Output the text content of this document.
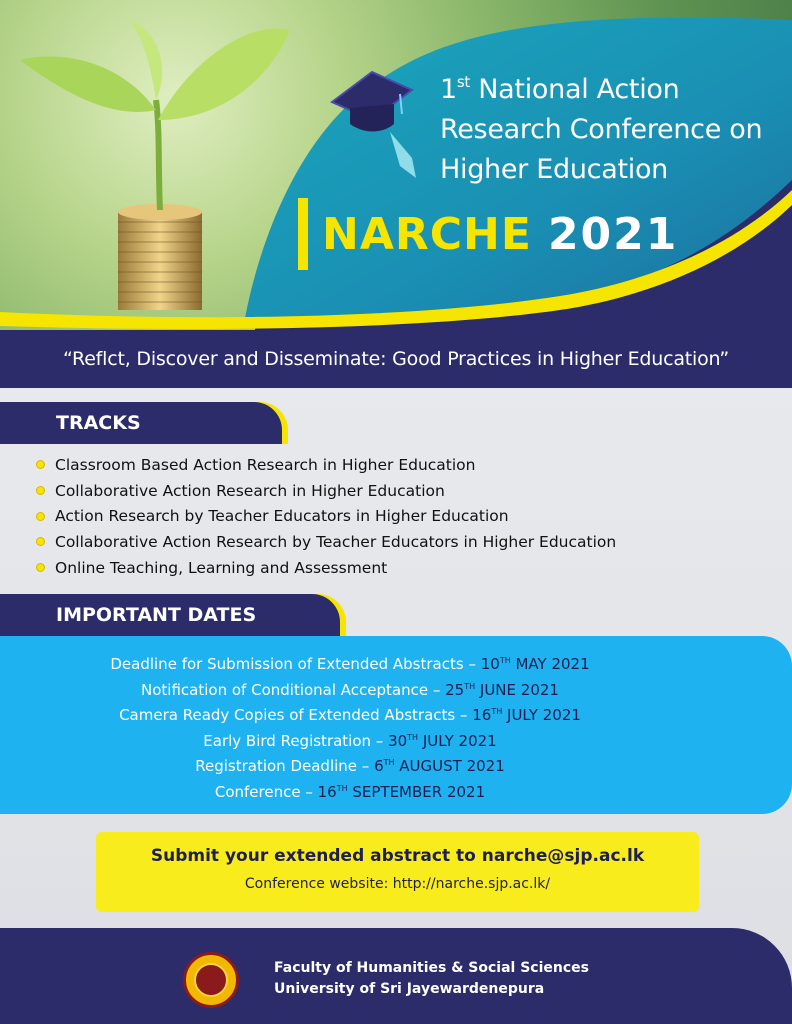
1st National Action
Research Conference on
Higher Education
NARCHE 2021
“Reflct, Discover and Disseminate: Good Practices in Higher Education”
TRACKS
Classroom Based Action Research in Higher Education
Collaborative Action Research in Higher Education
Action Research by Teacher Educators in Higher Education
Collaborative Action Research by Teacher Educators in Higher Education
Online Teaching, Learning and Assessment
IMPORTANT DATES
Deadline for Submission of Extended Abstracts – 10TH MAY 2021
Notification of Conditional Acceptance – 25TH JUNE 2021
Camera Ready Copies of Extended Abstracts – 16TH JULY 2021
Early Bird Registration – 30TH JULY 2021
Registration Deadline – 6TH AUGUST 2021
Conference – 16TH SEPTEMBER 2021
Submit your extended abstract to narche@sjp.ac.lk
Conference website: http://narche.sjp.ac.lk/
Faculty of Humanities & Social Sciences
University of Sri Jayewardenepura
